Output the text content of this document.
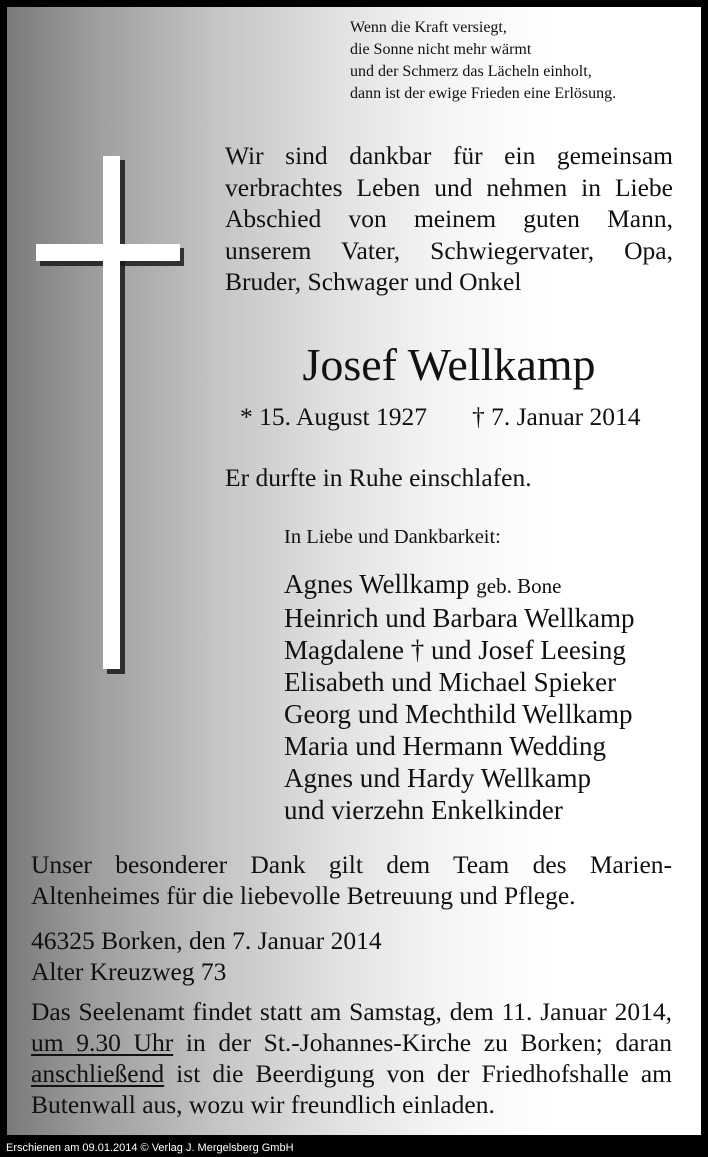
Wenn die Kraft versiegt,
die Sonne nicht mehr wärmt
und der Schmerz das Lächeln einholt,
dann ist der ewige Frieden eine Erlösung.
Wir sind dankbar für ein gemeinsam
verbrachtes Leben und nehmen in Liebe
Abschied von meinem guten Mann,
unserem Vater, Schwiegervater, Opa,
Bruder, Schwager und Onkel
Josef Wellkamp
* 15. August 1927 † 7. Januar 2014
Er durfte in Ruhe einschlafen.
In Liebe und Dankbarkeit:
Agnes Wellkamp geb. Bone
Heinrich und Barbara Wellkamp
Magdalene † und Josef Leesing
Elisabeth und Michael Spieker
Georg und Mechthild Wellkamp
Maria und Hermann Wedding
Agnes und Hardy Wellkamp
und vierzehn Enkelkinder
Unser besonderer Dank gilt dem Team des Marien-
Altenheimes für die liebevolle Betreuung und Pflege.
46325 Borken, den 7. Januar 2014
Alter Kreuzweg 73
Das Seelenamt findet statt am Samstag, dem 11. Januar 2014,
um 9.30 Uhr in der St.-Johannes-Kirche zu Borken; daran
anschließend ist die Beerdigung von der Friedhofshalle am
Butenwall aus, wozu wir freundlich einladen.
Erschienen am 09.01.2014 © Verlag J. Mergelsberg GmbH
